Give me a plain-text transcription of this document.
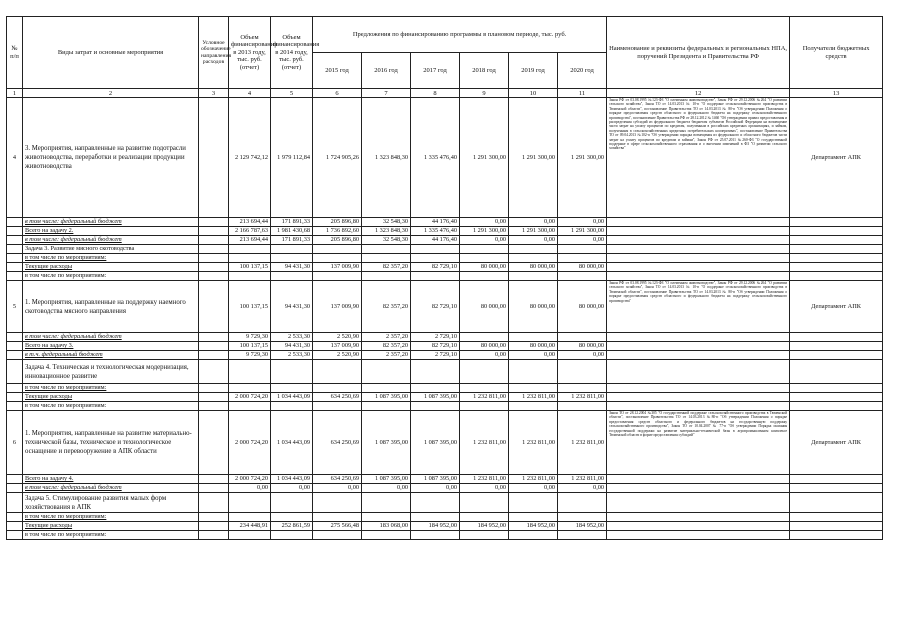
№ п/п	Виды затрат и основные мероприятия	Условное обозначение направления расходов	Объем финансирования в 2013 году, тыс. руб. (отчет)	Объем финансирования в 2014 году, тыс. руб. (отчет)	Предложения по финансированию программы в плановом периоде, тыс. руб.						Наименование и реквизиты федеральных и региональных НПА, поручений Президента и Правительства РФ	Получатели бюджетных средств
					2015 год	2016 год	2017 год	2018 год	2019 год	2020 год		
1	2	3	4	5	6	7	8	9	10	11	12	13
4	3. Мероприятия, направленные на развитие подотрасли животноводства, переработки и реализации продукции животноводства		2 129 742,12	1 979 112,84	1 724 905,26	1 323 848,30	1 335 476,40	1 291 300,00	1 291 300,00	1 291 300,00	Закон РФ от 03.08.1995 №123-ФЗ "О племенном животноводстве", Закон РФ от 29.12.2006 №264 "О развитии сельского хозяйства", Закон ТО от 14.03.2013 № 10-п "О поддержке сельскохозяйственного производства в Тюменской области", постановление Правительства ТО от 14.03.2013 № 80-п "Об утверждении Положения о порядке предоставления средств областного и федерального бюджета на поддержку сельскохозяйственного производства", постановление Правительства РФ от 28.12.2012 № 1460 "Об утверждении правил предоставления и распределения субсидий из федерального бюджета бюджетам субъектов Российской Федерации на возмещение части затрат на уплату процентов по кредитам, полученным в российских кредитных организациях, и займам, полученным в сельскохозяйственных кредитных потребительских кооперативах", постановление Правительства ТО от 09.04.2013 №102-п "Об утверждении порядка возмещения из федерального и областного бюджетов части затрат на уплату процентов по кредитам и займам", Закон РФ от 25.07.2011 №260-ФЗ "О государственной поддержке в сфере сельскохозяйственного страхования и о внесении изменений в ФЗ "О развитии сельского хозяйства"	Департамент АПК
	в том числе: федеральный бюджет		213 694,44	171 891,33	205 896,80	32 548,30	44 176,40	0,00	0,00	0,00		
	Всего на задачу 2.		2 166 787,63	1 981 430,68	1 736 892,60	1 323 848,30	1 335 476,40	1 291 300,00	1 291 300,00	1 291 300,00		
	в том числе: федеральный бюджет		213 694,44	171 891,33	205 896,80	32 548,30	44 176,40	0,00	0,00	0,00		
	Задача 3. Развитие мясного скотоводства											
	в том числе по мероприятиям:											
	Текущие расходы		100 137,15	94 431,30	137 009,90	82 357,20	82 729,10	80 000,00	80 000,00	80 000,00		
	в том числе по мероприятиям:											
5	1. Мероприятия, направленные на поддержку наемного скотоводства мясного направления		100 137,15	94 431,30	137 009,90	82 357,20	82 729,10	80 000,00	80 000,00	80 000,00	Закон РФ от 03.08.1995 №123-ФЗ "О племенном животноводстве", Закон РФ от 29.12.2006 №264 "О развитии сельского хозяйства", Закон ТО от 14.03.2013 № 10-п "О поддержке сельскохозяйственного производства в Тюменской области", постановление Правительства ТО от 14.03.2013 № 80-п "Об утверждении Положения о порядке предоставления средств областного и федерального бюджета на поддержку сельскохозяйственного производства"	Департамент АПК
	в том числе: федеральный бюджет		9 729,30	2 533,30	2 520,90	2 357,20	2 729,10					
	Всего на задачу 3.		100 137,15	94 431,30	137 009,90	82 357,20	82 729,10	80 000,00	80 000,00	80 000,00		
	в т.ч. федеральный бюджет		9 729,30	2 533,30	2 520,90	2 357,20	2 729,10	0,00	0,00	0,00		
	Задача 4. Техническая и технологическая модернизация, инновационное развитие											
	в том числе по мероприятиям:											
	Текущие расходы		2 000 724,20	1 034 443,09	634 250,69	1 087 395,00	1 087 395,00	1 232 811,00	1 232 811,00	1 232 811,00		
	в том числе по мероприятиям:											
6	1. Мероприятия, направленные на развитие материально-технической базы, техническое и технологическое оснащение и перевооружение в АПК области		2 000 724,20	1 034 443,09	634 250,69	1 087 395,00	1 087 395,00	1 232 811,00	1 232 811,00	1 232 811,00	Закон ТО от 28.12.2004 №305 "О государственной поддержке сельскохозяйственного производства в Тюменской области", постановление Правительства ТО от 14.03.2013 №80-п "Об утверждении Положения о порядке предоставления средств областного и федерального бюджетов на государственную поддержку сельскохозяйственного производства", Закон ТО от 10.04.2007 № 77-п "Об утверждении Порядка оказания государственной поддержки на развитие материально-технической базы в агропромышленном комплексе Тюменской области в форме предоставления субсидий"	Департамент АПК
	Всего на задачу 4.		2 000 724,20	1 034 443,09	634 250,69	1 087 395,00	1 087 395,00	1 232 811,00	1 232 811,00	1 232 811,00		
	в том числе: федеральный бюджет		0,00	0,00	0,00	0,00	0,00	0,00	0,00	0,00		
	Задача 5. Стимулирование развития малых форм хозяйствования в АПК											
	в том числе по мероприятиям:											
	Текущие расходы		234 448,91	252 861,59	275 566,48	183 068,00	184 952,00	184 952,00	184 952,00	184 952,00		
	в том числе по мероприятиям:											
